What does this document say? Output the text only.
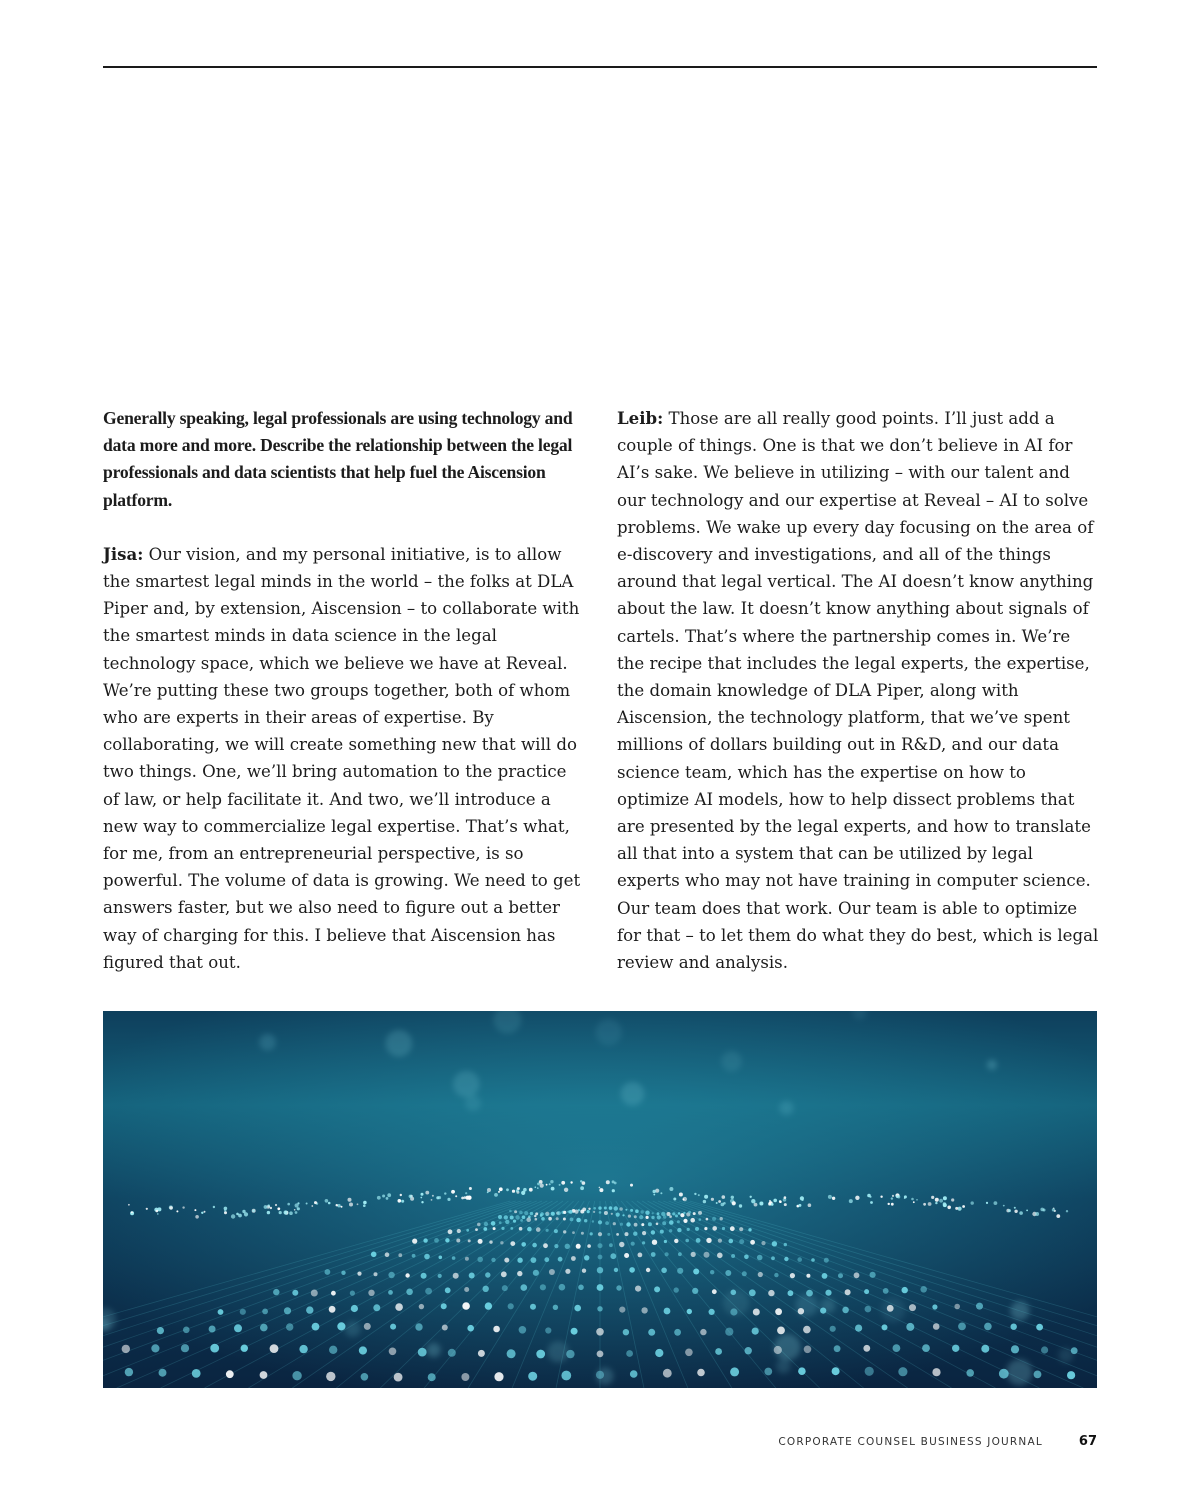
Generally speaking, legal professionals are using technology and data more and more. Describe the relationship between the legal professionals and data scientists that help fuel the Aiscension platform.

Jisa: Our vision, and my personal initiative, is to allow the smartest legal minds in the world – the folks at DLA Piper and, by extension, Aiscension – to collaborate with the smartest minds in data science in the legal technology space, which we believe we have at Reveal. We’re putting these two groups together, both of whom who are experts in their areas of expertise. By collaborating, we will create something new that will do two things. One, we’ll bring automation to the practice of law, or help facilitate it. And two, we’ll introduce a new way to commercialize legal expertise. That’s what, for me, from an entrepreneurial perspective, is so powerful. The volume of data is growing. We need to get answers faster, but we also need to figure out a better way of charging for this. I believe that Aiscension has figured that out.

Leib: Those are all really good points. I’ll just add a couple of things. One is that we don’t believe in AI for AI’s sake. We believe in utilizing – with our talent and our technology and our expertise at Reveal – AI to solve problems. We wake up every day focusing on the area of e-discovery and investigations, and all of the things around that legal vertical. The AI doesn’t know anything about the law. It doesn’t know anything about signals of cartels. That’s where the partnership comes in. We’re the recipe that includes the legal experts, the expertise, the domain knowledge of DLA Piper, along with Aiscension, the technology platform, that we’ve spent millions of dollars building out in R&D, and our data science team, which has the expertise on how to optimize AI models, how to help dissect problems that are presented by the legal experts, and how to translate all that into a system that can be utilized by legal experts who may not have training in computer science. Our team does that work. Our team is able to optimize for that – to let them do what they do best, which is legal review and analysis.

CORPORATE COUNSEL BUSINESS JOURNAL	67
